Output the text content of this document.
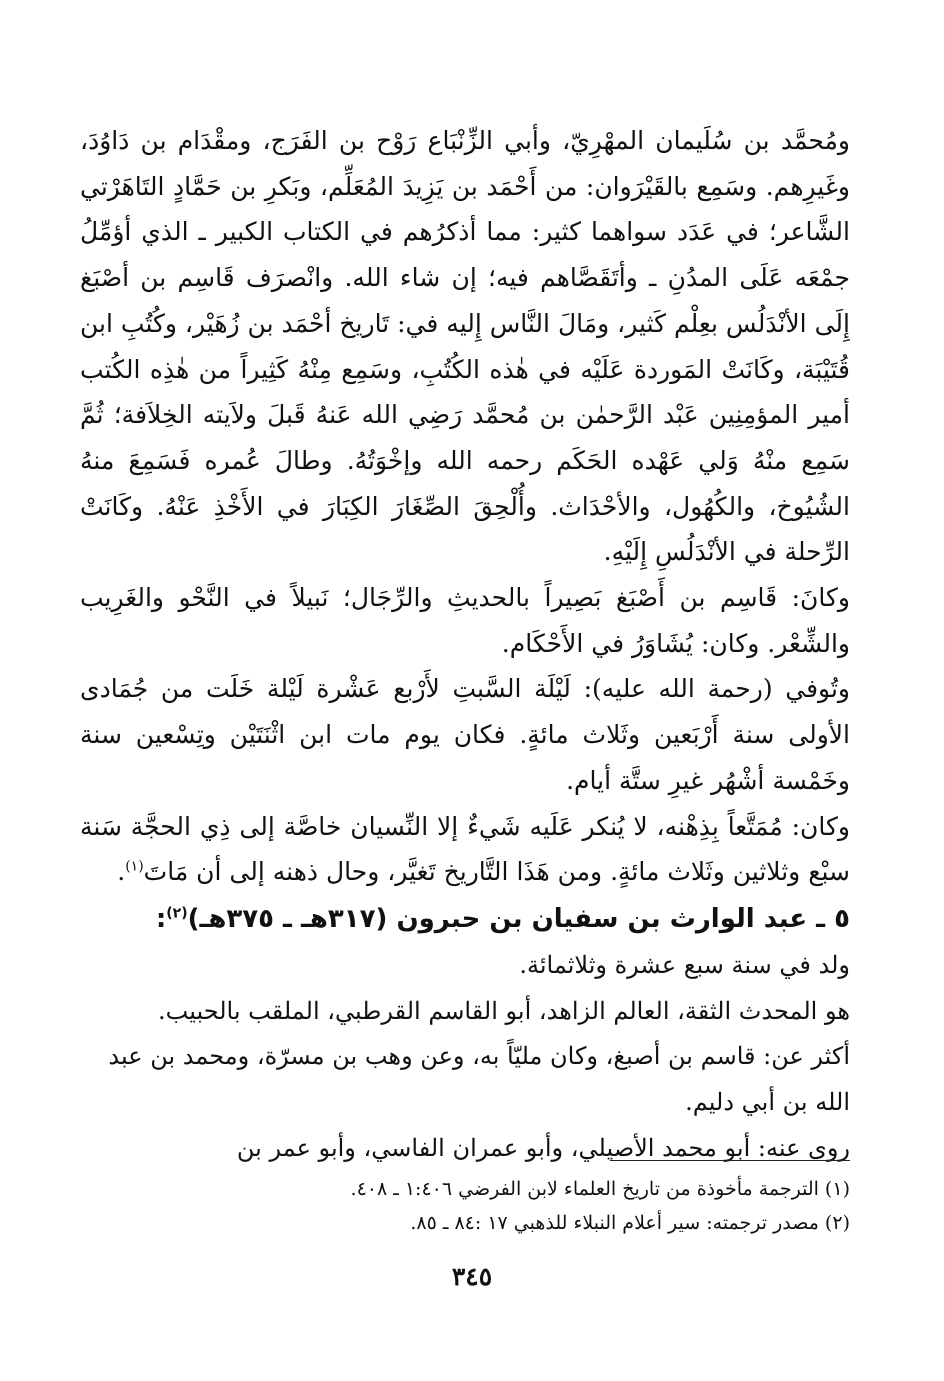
ومُحمَّد بن سُلَيمان المهْرِيّ، وأبي الزِّنْبَاع رَوْح بن الفَرَج، ومقْدَام بن دَاوُدَ، وغَيرِهم. وسَمِع بالقَيْرَوان: من أَحْمَد بن يَزِيدَ المُعَلِّم، وبَكرِ بن حَمَّادٍ التَاهَرْتي الشَّاعر؛ في عَدَد سواهما كثير: مما أذكرُهم في الكتاب الكبير ـ الذي أؤمِّلُ جمْعَه عَلَى المدُنِ ـ وأتَقَصَّاهم فيه؛ إن شاء الله. وانْصرَف قَاسِم بن أصْبَغ إِلَى الأنْدَلُس بعِلْم كَثير، ومَالَ النَّاس إِليه في: تَاريخ أحْمَد بن زُهَيْر، وكُتُبِ ابن قُتَيْبَة، وكَانَتْ المَوردة عَلَيْه في هٰذه الكُتُبِ، وسَمِع مِنْهُ كَثِيراً من هٰذِه الكُتب أمير المؤمِنِين عَبْد الرَّحمٰن بن مُحمَّد رَضِي الله عَنهُ قَبلَ ولاَيته الخِلاَفة؛ ثُمَّ سَمِع منْهُ وَلي عَهْده الحَكَم رحمه الله وإخْوَتُهُ. وطالَ عُمره فَسَمِعَ منهُ الشُيُوخ، والكُهُول، والأحْدَاث. وأُلْحِقَ الصِّغَارَ الكِبَارَ في الأَخْذِ عَنْهُ. وكَانَتْ الرِّحلة في الأنْدَلُسِ إِلَيْهِ.

وكانَ: قَاسِم بن أَصْبَغ بَصِيراً بالحديثِ والرِّجَال؛ نَبيلاً في النَّحْو والغَرِيب والشِّعْر. وكان: يُشَاوَرُ في الأَحْكَام.

وتُوفي (رحمة الله عليه): لَيْلَة السَّبتِ لأَرْبع عَشْرة لَيْلة خَلَت من جُمَادى الأولى سنة أَرْبَعين وثَلاث مائةٍ. فكان يوم مات ابن اثْنَتَيْن وتِسْعين سنة وخَمْسة أشْهُر غيرِ ستَّة أيام.

وكان: مُمَتَّعاً بِذِهْنه، لا يُنكر عَلَيه شَيءٌ إلا النِّسيان خاصَّة إلى ذِي الحجَّة سَنة سبْع وثلاثين وثَلاث مائةٍ. ومن هَذَا التَّاريخ تَغيَّر، وحال ذهنه إلى أن مَاتَ$^{(١)}$.

٥ ـ عبد الوارث بن سفيان بن حبرون (٣١٧هـ ـ ٣٧٥هـ)$^{(٢)}$:

ولد في سنة سبع عشرة وثلاثمائة.

هو المحدث الثقة، العالم الزاهد، أبو القاسم القرطبي، الملقب بالحبيب.

أكثر عن: قاسم بن أصبغ، وكان مليّاً به، وعن وهب بن مسرّة، ومحمد بن عبد الله بن أبي دليم.

روى عنه: أبو محمد الأصيلي، وأبو عمران الفاسي، وأبو عمر بن

(١) الترجمة مأخوذة من تاريخ العلماء لابن الفرضي ١:٤٠٦ ـ ٤٠٨.

(٢) مصدر ترجمته: سير أعلام النبلاء للذهبي ١٧ :٨٤ ـ ٨٥.

٣٤٥
